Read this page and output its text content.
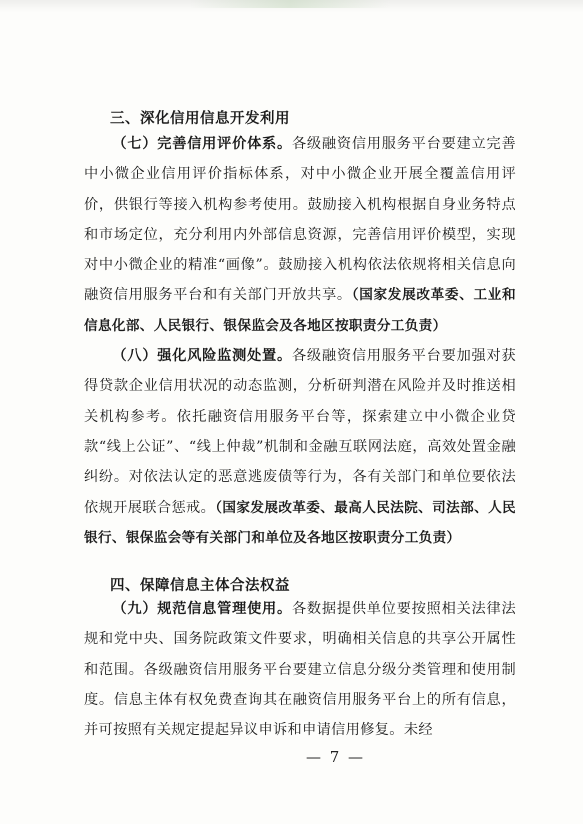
三、深化信用信息开发利用

（七）完善信用评价体系。各级融资信用服务平台要建立完善中小微企业信用评价指标体系，对中小微企业开展全覆盖信用评价，供银行等接入机构参考使用。鼓励接入机构根据自身业务特点和市场定位，充分利用内外部信息资源，完善信用评价模型，实现对中小微企业的精准“画像”。鼓励接入机构依法依规将相关信息向融资信用服务平台和有关部门开放共享。（国家发展改革委、工业和信息化部、人民银行、银保监会及各地区按职责分工负责）

（八）强化风险监测处置。各级融资信用服务平台要加强对获得贷款企业信用状况的动态监测，分析研判潜在风险并及时推送相关机构参考。依托融资信用服务平台等，探索建立中小微企业贷款“线上公证”、“线上仲裁”机制和金融互联网法庭，高效处置金融纠纷。对依法认定的恶意逃废债等行为，各有关部门和单位要依法依规开展联合惩戒。（国家发展改革委、最高人民法院、司法部、人民银行、银保监会等有关部门和单位及各地区按职责分工负责）

四、保障信息主体合法权益

（九）规范信息管理使用。各数据提供单位要按照相关法律法规和党中央、国务院政策文件要求，明确相关信息的共享公开属性和范围。各级融资信用服务平台要建立信息分级分类管理和使用制度。信息主体有权免费查询其在融资信用服务平台上的所有信息，并可按照有关规定提起异议申诉和申请信用修复。未经

— 7 —
